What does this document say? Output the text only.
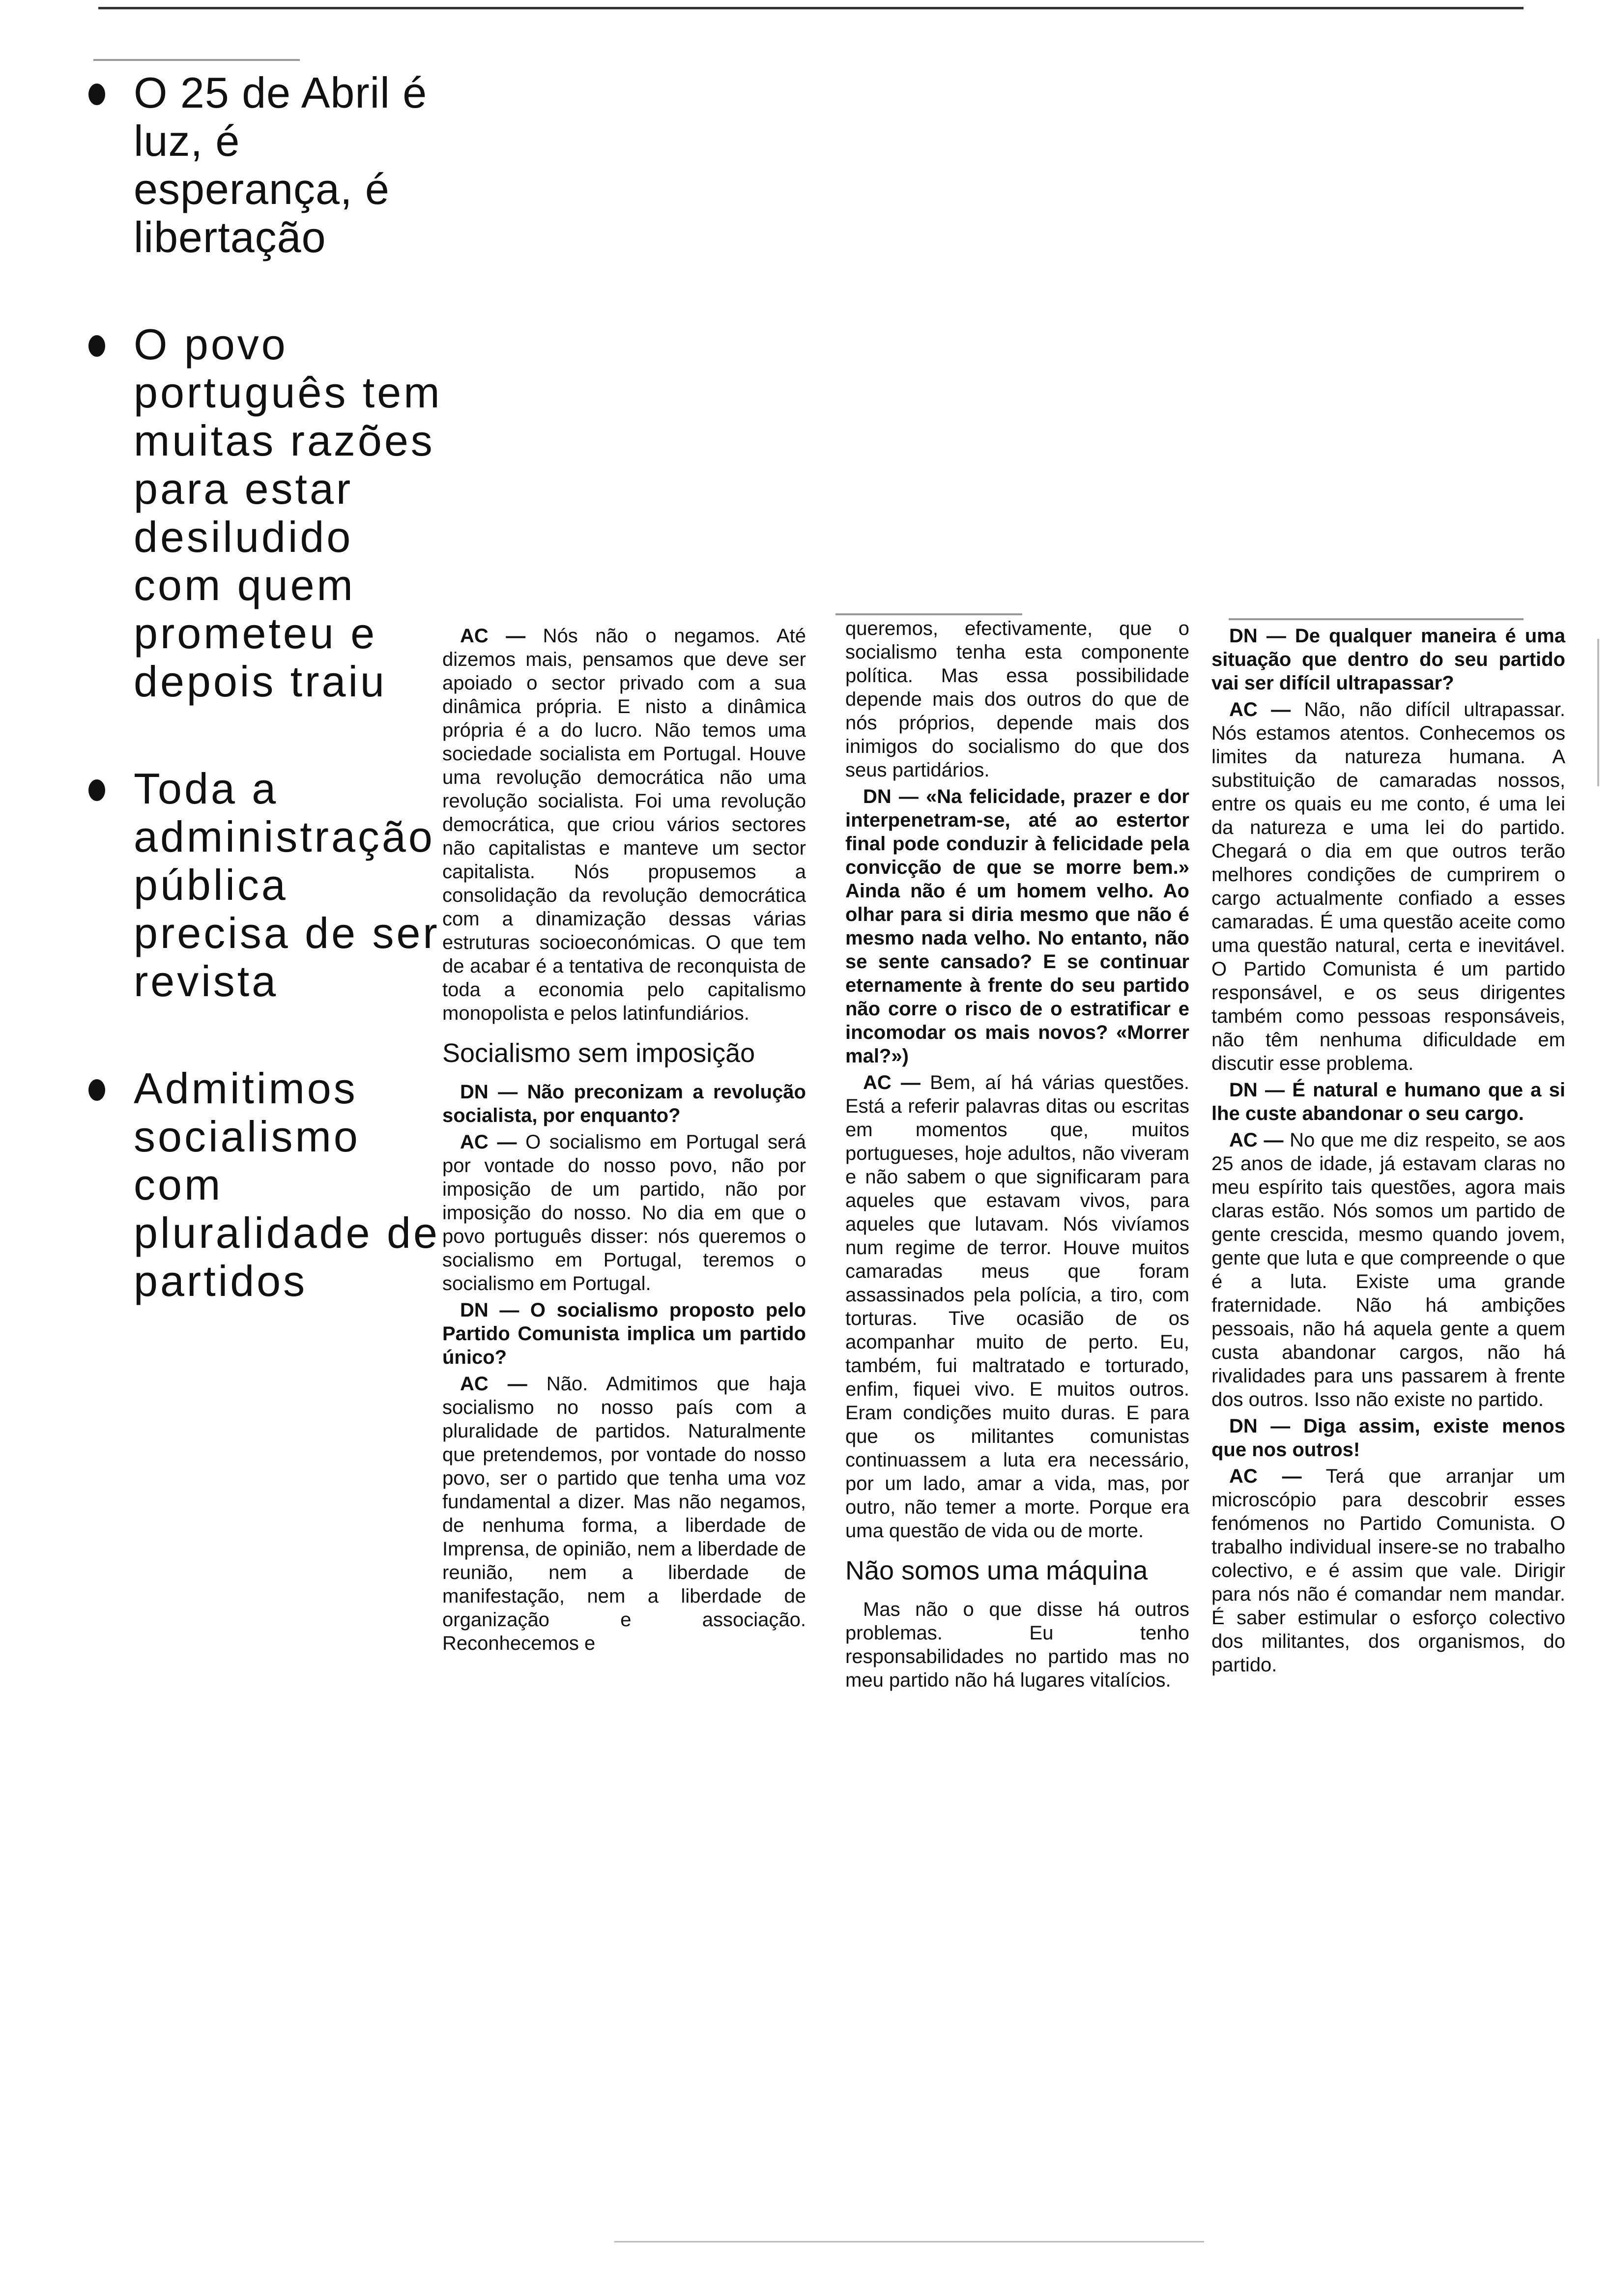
O 25 de Abril é luz, é esperança, é libertação
O povo português tem muitas razões para estar desiludido com quem prometeu e depois traiu
Toda a administração pública precisa de ser revista
Admitimos socialismo com pluralidade de partidos

AC — Nós não o negamos. Até dizemos mais, pensamos que deve ser apoiado o sector privado com a sua dinâmica própria. E nisto a dinâmica própria é a do lucro. Não temos uma sociedade socialista em Portugal. Houve uma revolução democrática não uma revolução socialista. Foi uma revolução democrática, que criou vários sectores não capitalistas e manteve um sector capitalista. Nós propusemos a consolidação da revolução democrática com a dinamização dessas várias estruturas socioeconómicas. O que tem de acabar é a tentativa de reconquista de toda a economia pelo capitalismo monopolista e pelos latinfundiários.

Socialismo sem imposição

DN — Não preconizam a revolução socialista, por enquanto?

AC — O socialismo em Portugal será por vontade do nosso povo, não por imposição de um partido, não por imposição do nosso. No dia em que o povo português disser: nós queremos o socialismo em Portugal, teremos o socialismo em Portugal.

DN — O socialismo proposto pelo Partido Comunista implica um partido único?

AC — Não. Admitimos que haja socialismo no nosso país com a pluralidade de partidos. Naturalmente que pretendemos, por vontade do nosso povo, ser o partido que tenha uma voz fundamental a dizer. Mas não negamos, de nenhuma forma, a liberdade de Imprensa, de opinião, nem a liberdade de reunião, nem a liberdade de manifestação, nem a liberdade de organização e associação. Reconhecemos e

queremos, efectivamente, que o socialismo tenha esta componente política. Mas essa possibilidade depende mais dos outros do que de nós próprios, depende mais dos inimigos do socialismo do que dos seus partidários.

DN — «Na felicidade, prazer e dor interpenetram-se, até ao estertor final pode conduzir à felicidade pela convicção de que se morre bem.» Ainda não é um homem velho. Ao olhar para si diria mesmo que não é mesmo nada velho. No entanto, não se sente cansado? E se continuar eternamente à frente do seu partido não corre o risco de o estratificar e incomodar os mais novos? «Morrer mal?»)

AC — Bem, aí há várias questões. Está a referir palavras ditas ou escritas em momentos que, muitos portugueses, hoje adultos, não viveram e não sabem o que significaram para aqueles que estavam vivos, para aqueles que lutavam. Nós vivíamos num regime de terror. Houve muitos camaradas meus que foram assassinados pela polícia, a tiro, com torturas. Tive ocasião de os acompanhar muito de perto. Eu, também, fui maltratado e torturado, enfim, fiquei vivo. E muitos outros. Eram condições muito duras. E para que os militantes comunistas continuassem a luta era necessário, por um lado, amar a vida, mas, por outro, não temer a morte. Porque era uma questão de vida ou de morte.

Não somos uma máquina

Mas não o que disse há outros problemas. Eu tenho responsabilidades no partido mas no meu partido não há lugares vitalícios.

DN — De qualquer maneira é uma situação que dentro do seu partido vai ser difícil ultrapassar?

AC — Não, não difícil ultrapassar. Nós estamos atentos. Conhecemos os limites da natureza humana. A substituição de camaradas nossos, entre os quais eu me conto, é uma lei da natureza e uma lei do partido. Chegará o dia em que outros terão melhores condições de cumprirem o cargo actualmente confiado a esses camaradas. É uma questão aceite como uma questão natural, certa e inevitável. O Partido Comunista é um partido responsável, e os seus dirigentes também como pessoas responsáveis, não têm nenhuma dificuldade em discutir esse problema.

DN — É natural e humano que a si lhe custe abandonar o seu cargo.

AC — No que me diz respeito, se aos 25 anos de idade, já estavam claras no meu espírito tais questões, agora mais claras estão. Nós somos um partido de gente crescida, mesmo quando jovem, gente que luta e que compreende o que é a luta. Existe uma grande fraternidade. Não há ambições pessoais, não há aquela gente a quem custa abandonar cargos, não há rivalidades para uns passarem à frente dos outros. Isso não existe no partido.

DN — Diga assim, existe menos que nos outros!

AC — Terá que arranjar um microscópio para descobrir esses fenómenos no Partido Comunista. O trabalho individual insere-se no trabalho colectivo, e é assim que vale. Dirigir para nós não é comandar nem mandar. É saber estimular o esforço colectivo dos militantes, dos organismos, do partido.
